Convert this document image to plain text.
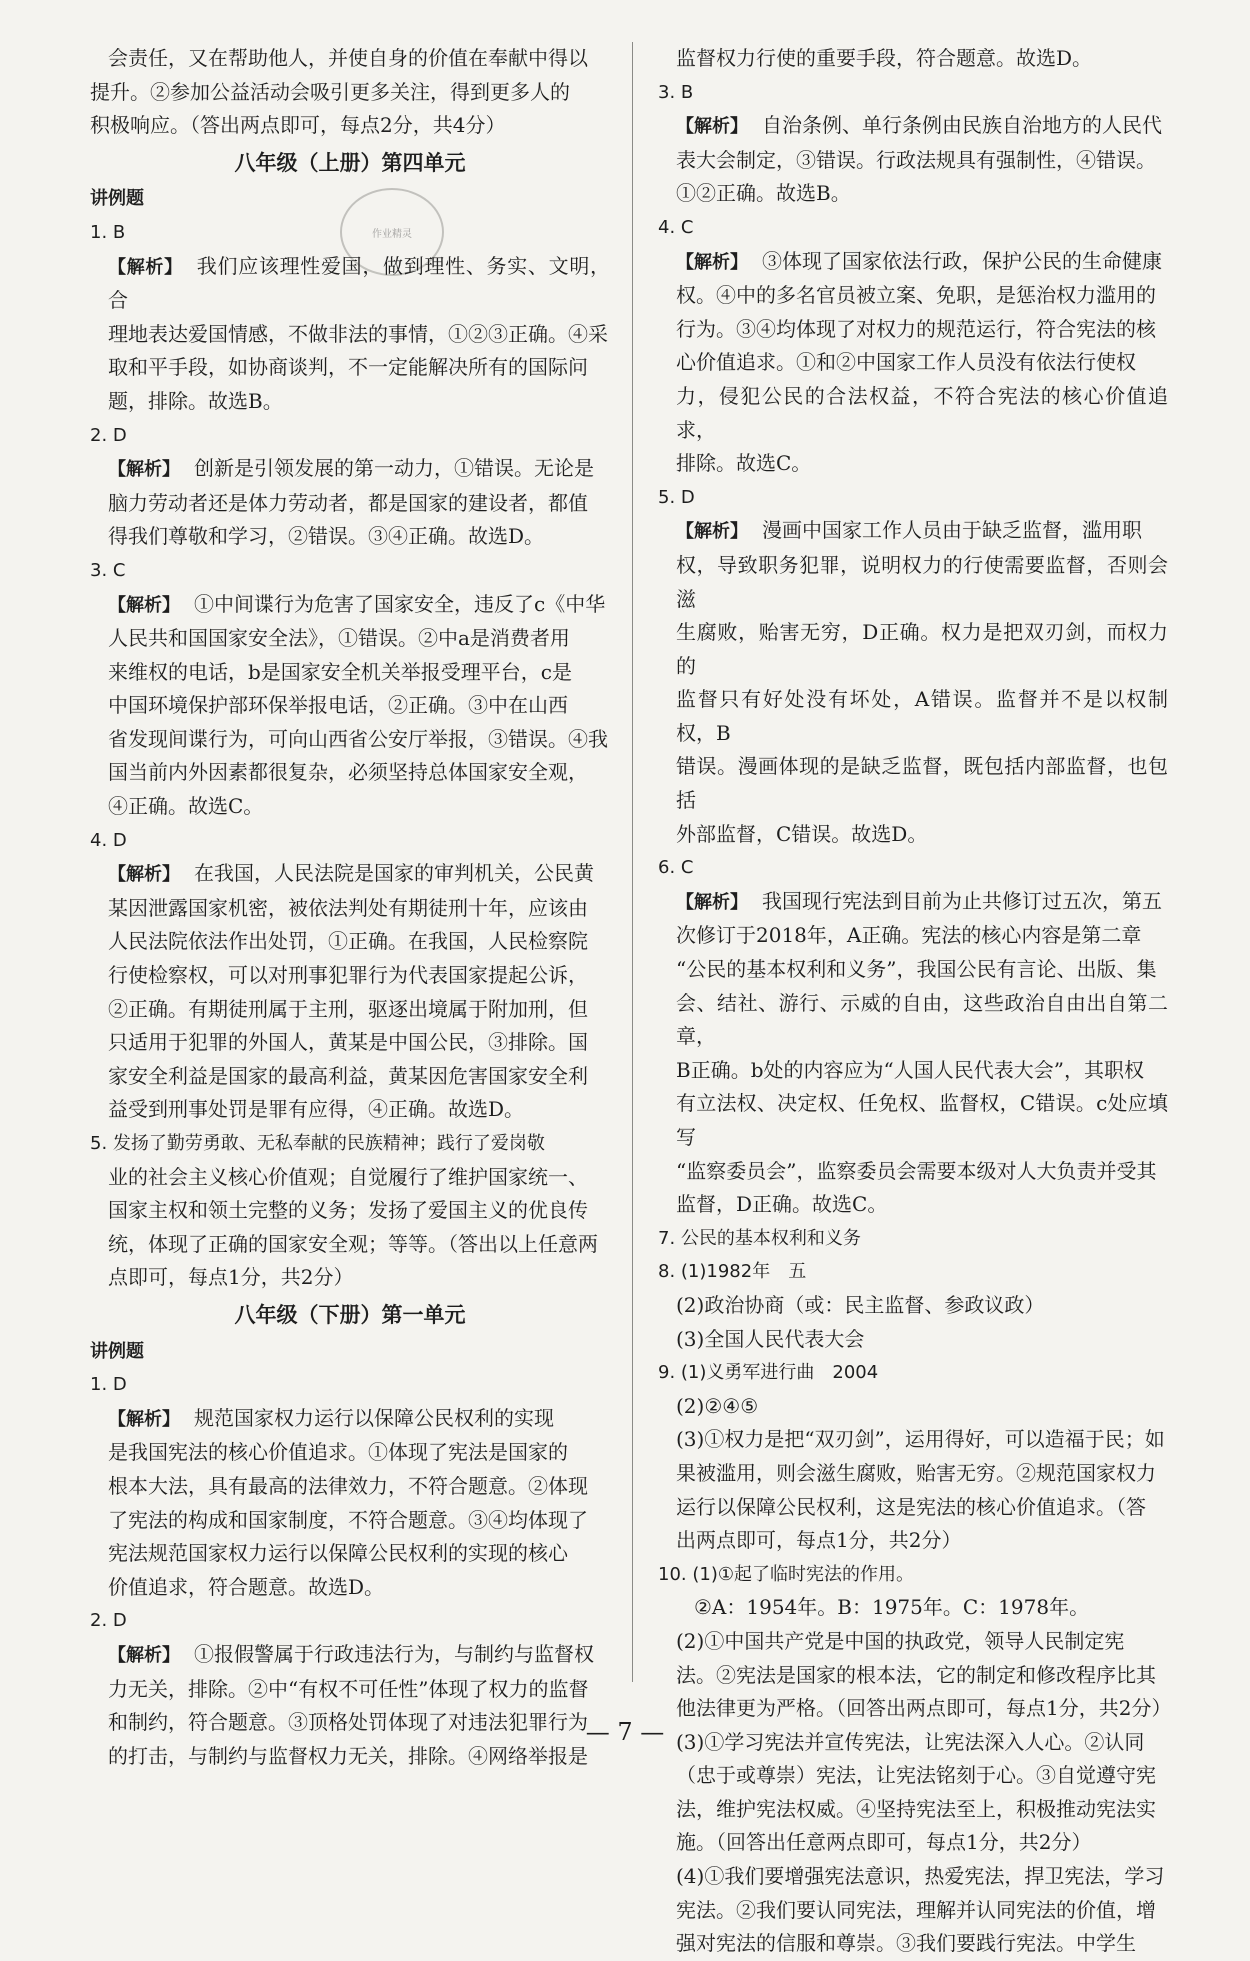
作业精灵

会责任，又在帮助他人，并使自身的价值在奉献中得以

提升。②参加公益活动会吸引更多关注，得到更多人的

积极响应。（答出两点即可，每点2分，共4分）

八年级（上册）第四单元
讲例题

1. B

【解析】 我们应该理性爱国，做到理性、务实、文明，合

理地表达爱国情感，不做非法的事情，①②③正确。④采

取和平手段，如协商谈判，不一定能解决所有的国际问

题，排除。故选B。

2. D

【解析】 创新是引领发展的第一动力，①错误。无论是

脑力劳动者还是体力劳动者，都是国家的建设者，都值

得我们尊敬和学习，②错误。③④正确。故选D。

3. C

【解析】 ①中间谍行为危害了国家安全，违反了c《中华

人民共和国国家安全法》，①错误。②中a是消费者用

来维权的电话，b是国家安全机关举报受理平台，c是

中国环境保护部环保举报电话，②正确。③中在山西

省发现间谍行为，可向山西省公安厅举报，③错误。④我

国当前内外因素都很复杂，必须坚持总体国家安全观，

④正确。故选C。

4. D

【解析】 在我国，人民法院是国家的审判机关，公民黄

某因泄露国家机密，被依法判处有期徒刑十年，应该由

人民法院依法作出处罚，①正确。在我国，人民检察院

行使检察权，可以对刑事犯罪行为代表国家提起公诉，

②正确。有期徒刑属于主刑，驱逐出境属于附加刑，但

只适用于犯罪的外国人，黄某是中国公民，③排除。国

家安全利益是国家的最高利益，黄某因危害国家安全利

益受到刑事处罚是罪有应得，④正确。故选D。

5. 发扬了勤劳勇敢、无私奉献的民族精神；践行了爱岗敬

业的社会主义核心价值观；自觉履行了维护国家统一、

国家主权和领土完整的义务；发扬了爱国主义的优良传

统，体现了正确的国家安全观；等等。（答出以上任意两

点即可，每点1分，共2分）

八年级（下册）第一单元
讲例题

1. D

【解析】 规范国家权力运行以保障公民权利的实现

是我国宪法的核心价值追求。①体现了宪法是国家的

根本大法，具有最高的法律效力，不符合题意。②体现

了宪法的构成和国家制度，不符合题意。③④均体现了

宪法规范国家权力运行以保障公民权利的实现的核心

价值追求，符合题意。故选D。

2. D

【解析】 ①报假警属于行政违法行为，与制约与监督权

力无关，排除。②中“有权不可任性”体现了权力的监督

和制约，符合题意。③顶格处罚体现了对违法犯罪行为

的打击，与制约与监督权力无关，排除。④网络举报是

监督权力行使的重要手段，符合题意。故选D。

3. B

【解析】 自治条例、单行条例由民族自治地方的人民代

表大会制定，③错误。行政法规具有强制性，④错误。

①②正确。故选B。

4. C

【解析】 ③体现了国家依法行政，保护公民的生命健康

权。④中的多名官员被立案、免职，是惩治权力滥用的

行为。③④均体现了对权力的规范运行，符合宪法的核

心价值追求。①和②中国家工作人员没有依法行使权

力，侵犯公民的合法权益，不符合宪法的核心价值追求，

排除。故选C。

5. D

【解析】 漫画中国家工作人员由于缺乏监督，滥用职

权，导致职务犯罪，说明权力的行使需要监督，否则会滋

生腐败，贻害无穷，D正确。权力是把双刃剑，而权力的

监督只有好处没有坏处，A错误。监督并不是以权制权，B

错误。漫画体现的是缺乏监督，既包括内部监督，也包括

外部监督，C错误。故选D。

6. C

【解析】 我国现行宪法到目前为止共修订过五次，第五

次修订于2018年，A正确。宪法的核心内容是第二章

“公民的基本权利和义务”，我国公民有言论、出版、集

会、结社、游行、示威的自由，这些政治自由出自第二章，

B正确。b处的内容应为“人国人民代表大会”，其职权

有立法权、决定权、任免权、监督权，C错误。c处应填写

“监察委员会”，监察委员会需要本级对人大负责并受其

监督，D正确。故选C。

7. 公民的基本权利和义务

8. (1)1982年　五

(2)政治协商（或：民主监督、参政议政）

(3)全国人民代表大会

9. (1)义勇军进行曲　2004

(2)②④⑤

(3)①权力是把“双刃剑”，运用得好，可以造福于民；如

果被滥用，则会滋生腐败，贻害无穷。②规范国家权力

运行以保障公民权利，这是宪法的核心价值追求。（答

出两点即可，每点1分，共2分）

10. (1)①起了临时宪法的作用。

②A：1954年。B：1975年。C：1978年。

(2)①中国共产党是中国的执政党，领导人民制定宪

法。②宪法是国家的根本法，它的制定和修改程序比其

他法律更为严格。（回答出两点即可，每点1分，共2分）

(3)①学习宪法并宣传宪法，让宪法深入人心。②认同

（忠于或尊崇）宪法，让宪法铭刻于心。③自觉遵守宪

法，维护宪法权威。④坚持宪法至上，积极推动宪法实

施。（回答出任意两点即可，每点1分，共2分）

(4)①我们要增强宪法意识，热爱宪法，捍卫宪法，学习

宪法。②我们要认同宪法，理解并认同宪法的价值，增

强对宪法的信服和尊崇。③我们要践行宪法。中学生

— 7 —
